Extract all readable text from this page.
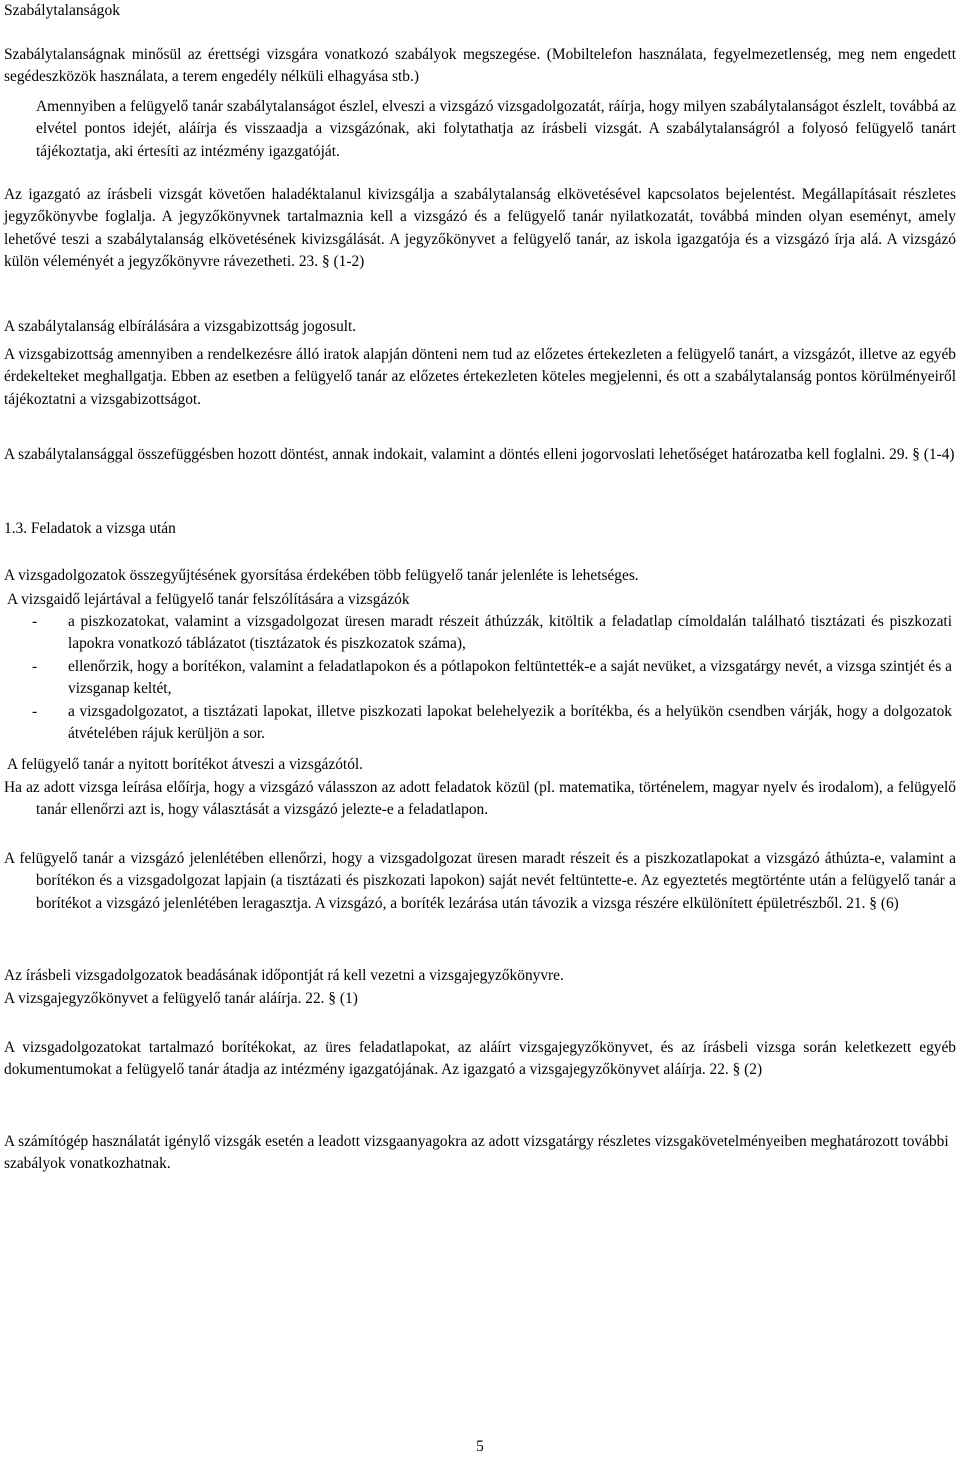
Szabálytalanságok

Szabálytalanságnak minősül az érettségi vizsgára vonatkozó szabályok megszegése. (Mobiltelefon használata, fegyelmezetlenség, meg nem engedett segédeszközök használata, a terem engedély nélküli elhagyása stb.)

Amennyiben a felügyelő tanár szabálytalanságot észlel, elveszi a vizsgázó vizsgadolgozatát, ráírja, hogy milyen szabálytalanságot észlelt, továbbá az elvétel pontos idejét, aláírja és visszaadja a vizsgázónak, aki folytathatja az írásbeli vizsgát. A szabálytalanságról a folyosó felügyelő tanárt tájékoztatja, aki értesíti az intézmény igazgatóját.

Az igazgató az írásbeli vizsgát követően haladéktalanul kivizsgálja a szabálytalanság elkövetésével kapcsolatos bejelentést. Megállapításait részletes jegyzőkönyvbe foglalja. A jegyzőkönyvnek tartalmaznia kell a vizsgázó és a felügyelő tanár nyilatkozatát, továbbá minden olyan eseményt, amely lehetővé teszi a szabálytalanság elkövetésének kivizsgálását. A jegyzőkönyvet a felügyelő tanár, az iskola igazgatója és a vizsgázó írja alá. A vizsgázó külön véleményét a jegyzőkönyvre rávezetheti. 23. § (1-2)

A szabálytalanság elbírálására a vizsgabizottság jogosult.

A vizsgabizottság amennyiben a rendelkezésre álló iratok alapján dönteni nem tud az előzetes értekezleten a felügyelő tanárt, a vizsgázót, illetve az egyéb érdekelteket meghallgatja. Ebben az esetben a felügyelő tanár az előzetes értekezleten köteles megjelenni, és ott a szabálytalanság pontos körülményeiről tájékoztatni a vizsgabizottságot.

A szabálytalansággal összefüggésben hozott döntést, annak indokait, valamint a döntés elleni jogorvoslati lehetőséget határozatba kell foglalni. 29. § (1-4)

1.3. Feladatok a vizsga után

A vizsgadolgozatok összegyűjtésének gyorsítása érdekében több felügyelő tanár jelenléte is lehetséges.

A vizsgaidő lejártával a felügyelő tanár felszólítására a vizsgázók

- a piszkozatokat, valamint a vizsgadolgozat üresen maradt részeit áthúzzák, kitöltik a feladatlap címoldalán található tisztázati és piszkozati lapokra vonatkozó táblázatot (tisztázatok és piszkozatok száma),
- ellenőrzik, hogy a borítékon, valamint a feladatlapokon és a pótlapokon feltüntették-e a saját nevüket, a vizsgatárgy nevét, a vizsga szintjét és a vizsganap keltét,
- a vizsgadolgozatot, a tisztázati lapokat, illetve piszkozati lapokat belehelyezik a borítékba, és a helyükön csendben várják, hogy a dolgozatok átvételében rájuk kerüljön a sor.

A felügyelő tanár a nyitott borítékot átveszi a vizsgázótól.

Ha az adott vizsga leírása előírja, hogy a vizsgázó válasszon az adott feladatok közül (pl. matematika, történelem, magyar nyelv és irodalom), a felügyelő tanár ellenőrzi azt is, hogy választását a vizsgázó jelezte-e a feladatlapon.

A felügyelő tanár a vizsgázó jelenlétében ellenőrzi, hogy a vizsgadolgozat üresen maradt részeit és a piszkozatlapokat a vizsgázó áthúzta-e, valamint a borítékon és a vizsgadolgozat lapjain (a tisztázati és piszkozati lapokon) saját nevét feltüntette-e. Az egyeztetés megtörténte után a felügyelő tanár a borítékot a vizsgázó jelenlétében leragasztja. A vizsgázó, a boríték lezárása után távozik a vizsga részére elkülönített épületrészből. 21. § (6)

Az írásbeli vizsgadolgozatok beadásának időpontját rá kell vezetni a vizsgajegyzőkönyvre.

A vizsgajegyzőkönyvet a felügyelő tanár aláírja. 22. § (1)

A vizsgadolgozatokat tartalmazó borítékokat, az üres feladatlapokat, az aláírt vizsgajegyzőkönyvet, és az írásbeli vizsga során keletkezett egyéb dokumentumokat a felügyelő tanár átadja az intézmény igazgatójának. Az igazgató a vizsgajegyzőkönyvet aláírja. 22. § (2)

A számítógép használatát igénylő vizsgák esetén a leadott vizsgaanyagokra az adott vizsgatárgy részletes vizsgakövetelményeiben meghatározott további szabályok vonatkozhatnak.

5
